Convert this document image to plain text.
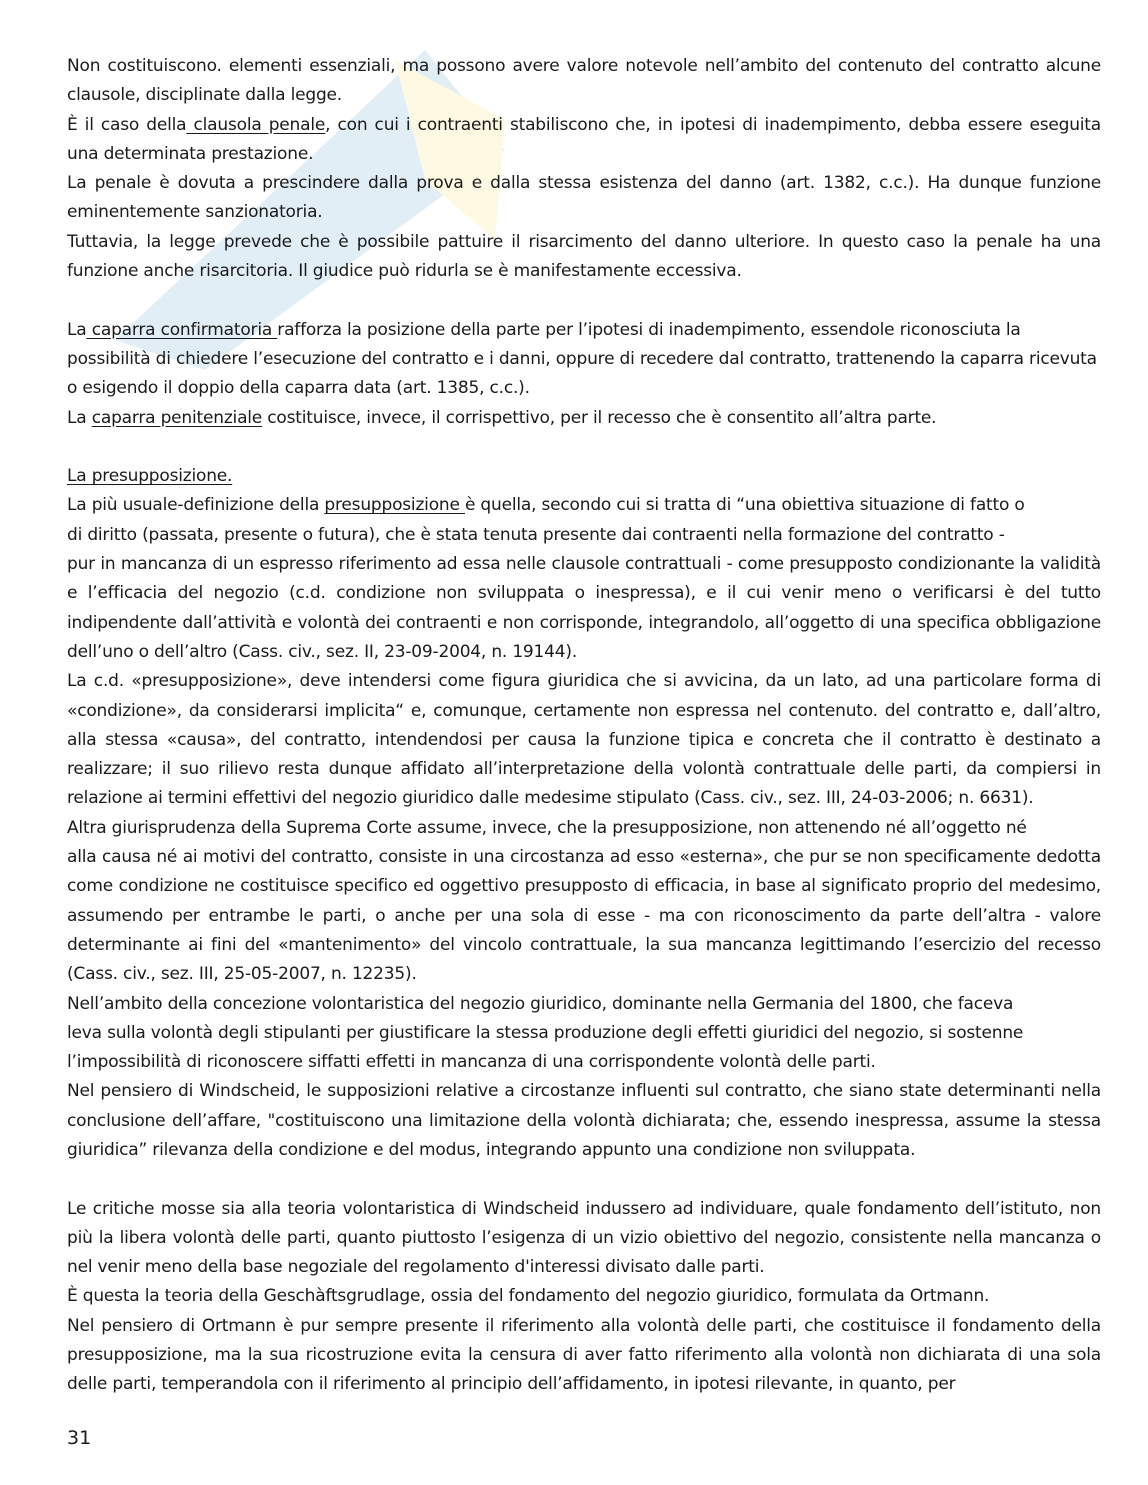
Non costituiscono. elementi essenziali, ma possono avere valore notevole nell’ambito del contenuto del contratto alcune clausole, disciplinate dalla legge.

È il caso della clausola penale, con cui i contraenti stabiliscono che, in ipotesi di inadempimento, debba essere eseguita una determinata prestazione.

La penale è dovuta a prescindere dalla prova e dalla stessa esistenza del danno (art. 1382, c.c.). Ha dunque funzione eminentemente sanzionatoria.

Tuttavia, la legge prevede che è possibile pattuire il risarcimento del danno ulteriore. In questo caso la penale ha una funzione anche risarcitoria. Il giudice può ridurla se è manifestamente eccessiva.

La caparra confirmatoria rafforza la posizione della parte per l’ipotesi di inadempimento, essendole riconosciuta la possibilità di chiedere l’esecuzione del contratto e i danni, oppure di recedere dal contratto, trattenendo la caparra ricevuta o esigendo il doppio della caparra data (art. 1385, c.c.).

La caparra penitenziale costituisce, invece, il corrispettivo, per il recesso che è consentito all’altra parte.

La presupposizione.

La più usuale-definizione della presupposizione è quella, secondo cui si tratta di “una obiettiva situazione di fatto o
di diritto (passata, presente o futura), che è stata tenuta presente dai contraenti nella formazione del contratto -

pur in mancanza di un espresso riferimento ad essa nelle clausole contrattuali - come presupposto condizionante la validità e l’efficacia del negozio (c.d. condizione non sviluppata o inespressa), e il cui venir meno o verificarsi è del tutto indipendente dall’attività e volontà dei contraenti e non corrisponde, integrandolo, all’oggetto di una specifica obbligazione dell’uno o dell’altro (Cass. civ., sez. II, 23-09-2004, n. 19144).

La c.d. «presupposizione», deve intendersi come figura giuridica che si avvicina, da un lato, ad una particolare forma di «condizione», da considerarsi implicita“ e, comunque, certamente non espressa nel contenuto. del contratto e, dall’altro, alla stessa «causa», del contratto, intendendosi per causa la funzione tipica e concreta che il contratto è destinato a realizzare; il suo rilievo resta dunque affidato all’interpretazione della volontà contrattuale delle parti, da compiersi in relazione ai termini effettivi del negozio giuridico dalle medesime stipulato (Cass. civ., sez. III, 24-03-2006; n. 6631).

Altra giurisprudenza della Suprema Corte assume, invece, che la presupposizione, non attenendo né all’oggetto né

alla causa né ai motivi del contratto, consiste in una circostanza ad esso «esterna», che pur se non specificamente dedotta come condizione ne costituisce specifico ed oggettivo presupposto di efficacia, in base al significato proprio del medesimo, assumendo per entrambe le parti, o anche per una sola di esse - ma con riconoscimento da parte dell’altra - valore determinante ai fini del «mantenimento» del vincolo contrattuale, la sua mancanza legittimando l’esercizio del recesso (Cass. civ., sez. III, 25-05-2007, n. 12235).

Nell’ambito della concezione volontaristica del negozio giuridico, dominante nella Germania del 1800, che faceva
leva sulla volontà degli stipulanti per giustificare la stessa produzione degli effetti giuridici del negozio, si sostenne
l’impossibilità di riconoscere siffatti effetti in mancanza di una corrispondente volontà delle parti.

Nel pensiero di Windscheid, le supposizioni relative a circostanze influenti sul contratto, che siano state determinanti nella conclusione dell’affare, "costituiscono una limitazione della volontà dichiarata; che, essendo inespressa, assume la stessa giuridica” rilevanza della condizione e del modus, integrando appunto una condizione non sviluppata.

Le critiche mosse sia alla teoria volontaristica di Windscheid indussero ad individuare, quale fondamento dell’istituto, non più la libera volontà delle parti, quanto piuttosto l’esigenza di un vizio obiettivo del negozio, consistente nella mancanza o nel venir meno della base negoziale del regolamento d'interessi divisato dalle parti.

È questa la teoria della Geschàftsgrudlage, ossia del fondamento del negozio giuridico, formulata da Ortmann.

Nel pensiero di Ortmann è pur sempre presente il riferimento alla volontà delle parti, che costituisce il fondamento della presupposizione, ma la sua ricostruzione evita la censura di aver fatto riferimento alla volontà non dichiarata di una sola delle parti, temperandola con il riferimento al principio dell’affidamento, in ipotesi rilevante, in quanto, per

31
